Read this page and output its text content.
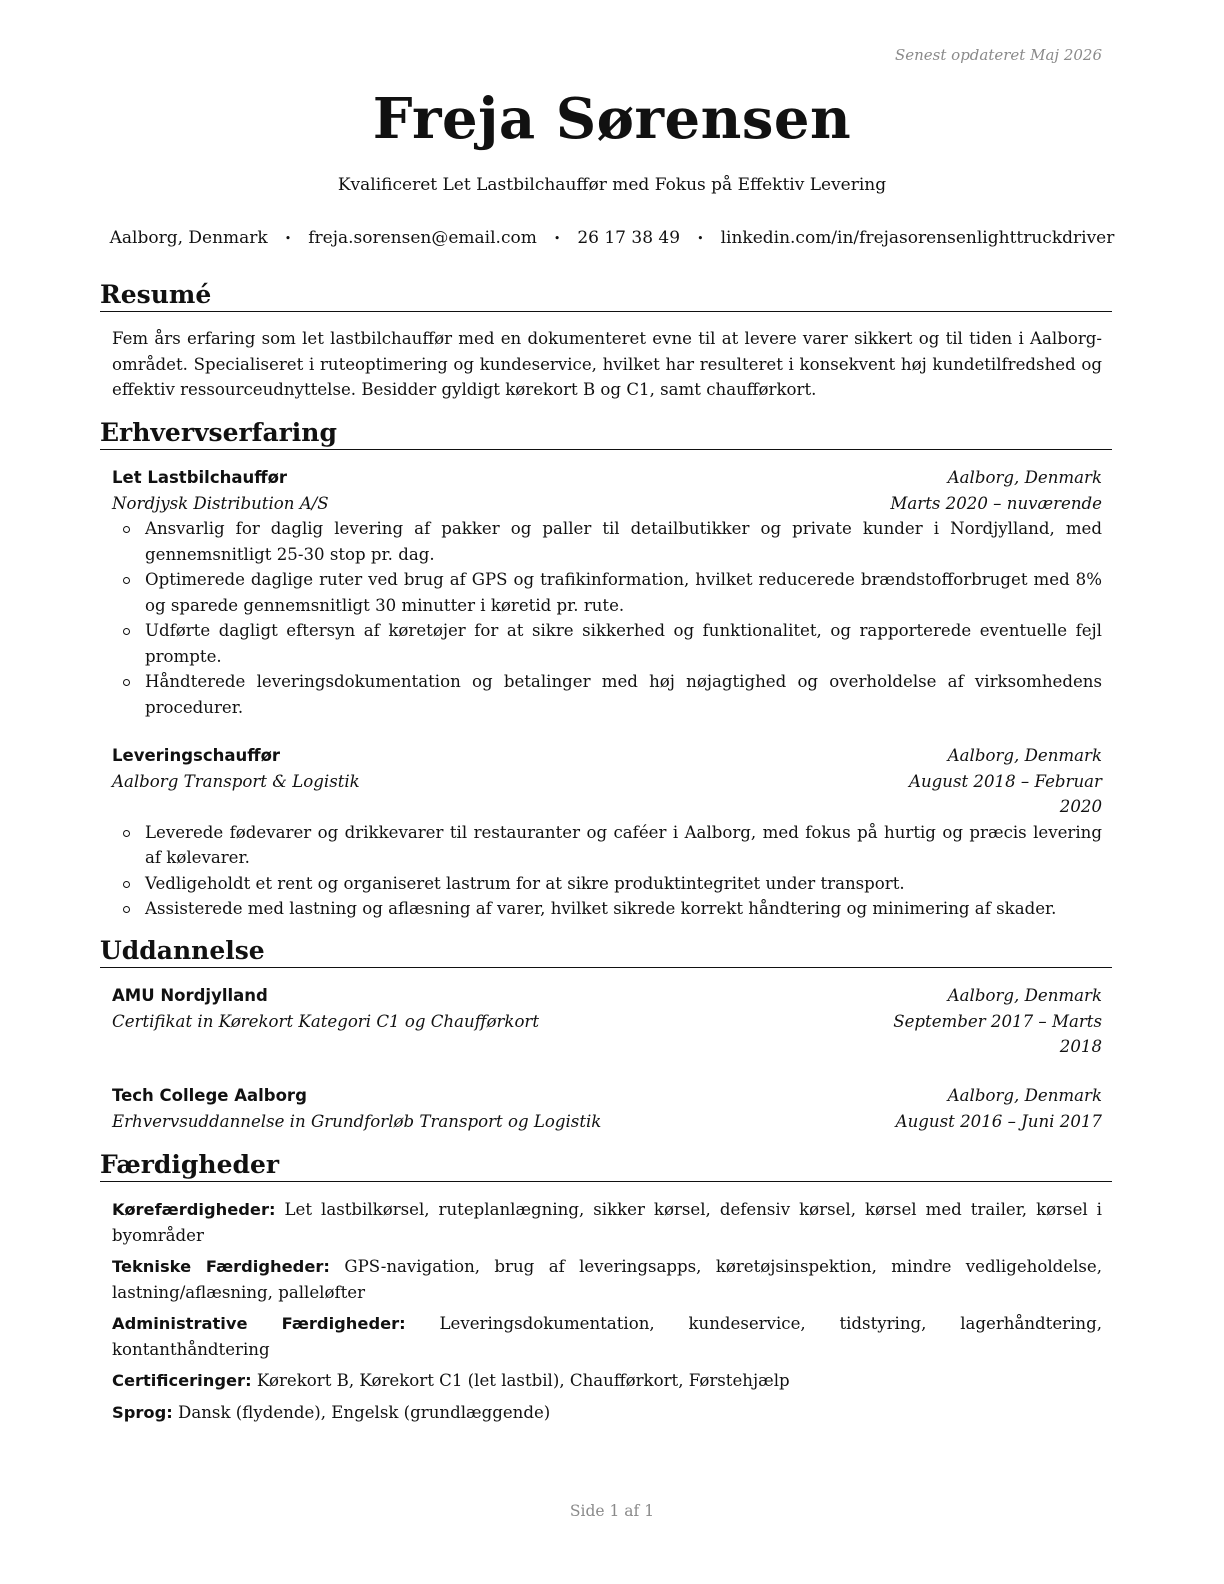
Senest opdateret Maj 2026
Freja Sørensen
Kvalificeret Let Lastbilchauffør med Fokus på Effektiv Levering
Aalborg, Denmark • freja.sorensen@email.com • 26 17 38 49 • linkedin.com/in/frejasorensenlighttruckdriver
Resumé
Fem års erfaring som let lastbilchauffør med en dokumenteret evne til at levere varer sikkert og til tiden i Aalborg-området. Specialiseret i ruteoptimering og kundeservice, hvilket har resulteret i konsekvent høj kundetilfredshed og effektiv ressourceudnyttelse. Besidder gyldigt kørekort B og C1, samt chaufførkort.
Erhvervserfaring
Let Lastbilchauffør	Aalborg, Denmark
Nordjysk Distribution A/S	Marts 2020 – nuværende
Ansvarlig for daglig levering af pakker og paller til detailbutikker og private kunder i Nordjylland, med gennemsnitligt 25-30 stop pr. dag.
Optimerede daglige ruter ved brug af GPS og trafikinformation, hvilket reducerede brændstofforbruget med 8% og sparede gennemsnitligt 30 minutter i køretid pr. rute.
Udførte dagligt eftersyn af køretøjer for at sikre sikkerhed og funktionalitet, og rapporterede eventuelle fejl prompte.
Håndterede leveringsdokumentation og betalinger med høj nøjagtighed og overholdelse af virksomhedens procedurer.
Leveringschauffør	Aalborg, Denmark
Aalborg Transport & Logistik	August 2018 – Februar 2020
Leverede fødevarer og drikkevarer til restauranter og caféer i Aalborg, med fokus på hurtig og præcis levering af kølevarer.
Vedligeholdt et rent og organiseret lastrum for at sikre produktintegritet under transport.
Assisterede med lastning og aflæsning af varer, hvilket sikrede korrekt håndtering og minimering af skader.
Uddannelse
AMU Nordjylland	Aalborg, Denmark
Certifikat in Kørekort Kategori C1 og Chaufførkort	September 2017 – Marts 2018
Tech College Aalborg	Aalborg, Denmark
Erhvervsuddannelse in Grundforløb Transport og Logistik	August 2016 – Juni 2017
Færdigheder
Kørefærdigheder: Let lastbilkørsel, ruteplanlægning, sikker kørsel, defensiv kørsel, kørsel med trailer, kørsel i byområder
Tekniske Færdigheder: GPS-navigation, brug af leveringsapps, køretøjsinspektion, mindre vedligeholdelse, lastning/aflæsning, palleløfter
Administrative Færdigheder: Leveringsdokumentation, kundeservice, tidstyring, lagerhåndtering, kontanthåndtering
Certificeringer: Kørekort B, Kørekort C1 (let lastbil), Chaufførkort, Førstehjælp
Sprog: Dansk (flydende), Engelsk (grundlæggende)
Side 1 af 1
